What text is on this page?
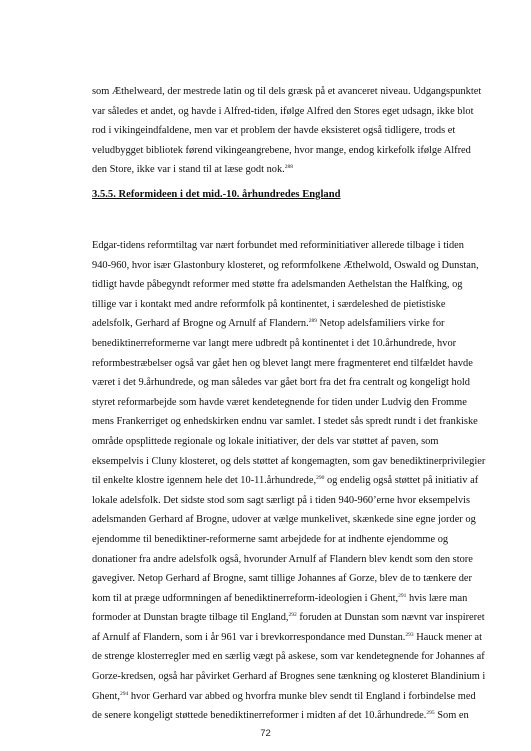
som Æthelweard, der mestrede latin og til dels græsk på et avanceret niveau. Udgangspunktet
var således et andet, og havde i Alfred-tiden, ifølge Alfred den Stores eget udsagn, ikke blot
rod i vikingeindfaldene, men var et problem der havde eksisteret også tidligere, trods et
veludbygget bibliotek førend vikingeangrebene, hvor mange, endog kirkefolk ifølge Alfred
den Store, ikke var i stand til at læse godt nok.$^{288}$
3.5.5. Reformideen i det mid.-10. århundredes England
Edgar-tidens reformtiltag var nært forbundet med reforminitiativer allerede tilbage i tiden
940-960, hvor især Glastonbury klosteret, og reformfolkene Æthelwold, Oswald og Dunstan,
tidligt havde påbegyndt reformer med støtte fra adelsmanden Aethelstan the Halfking, og
tillige var i kontakt med andre reformfolk på kontinentet, i særdeleshed de pietistiske
adelsfolk, Gerhard af Brogne og Arnulf af Flandern.$^{289}$ Netop adelsfamiliers virke for
benediktinerreformerne var langt mere udbredt på kontinentet i det 10.århundrede, hvor
reformbestræbelser også var gået hen og blevet langt mere fragmenteret end tilfældet havde
været i det 9.århundrede, og man således var gået bort fra det fra centralt og kongeligt hold
styret reformarbejde som havde været kendetegnende for tiden under Ludvig den Fromme
mens Frankerriget og enhedskirken endnu var samlet. I stedet sås spredt rundt i det frankiske
område opsplittede regionale og lokale initiativer, der dels var støttet af paven, som
eksempelvis i Cluny klosteret, og dels støttet af kongemagten, som gav benediktinerprivilegier
til enkelte klostre igennem hele det 10-11.århundrede,$^{290}$ og endelig også støttet på initiativ af
lokale adelsfolk. Det sidste stod som sagt særligt på i tiden 940-960’erne hvor eksempelvis
adelsmanden Gerhard af Brogne, udover at vælge munkelivet, skænkede sine egne jorder og
ejendomme til benediktiner-reformerne samt arbejdede for at indhente ejendomme og
donationer fra andre adelsfolk også, hvorunder Arnulf af Flandern blev kendt som den store
gavegiver. Netop Gerhard af Brogne, samt tillige Johannes af Gorze, blev de to tænkere der
kom til at præge udformningen af benediktinerreform-ideologien i Ghent,$^{291}$ hvis lære man
formoder at Dunstan bragte tilbage til England,$^{292}$ foruden at Dunstan som nævnt var inspireret
af Arnulf af Flandern, som i år 961 var i brevkorrespondance med Dunstan.$^{293}$ Hauck mener at
de strenge klosterregler med en særlig vægt på askese, som var kendetegnende for Johannes af
Gorze-kredsen, også har påvirket Gerhard af Brognes sene tænkning og klosteret Blandinium i
Ghent,$^{294}$ hvor Gerhard var abbed og hvorfra munke blev sendt til England i forbindelse med
de senere kongeligt støttede benediktinerreformer i midten af det 10.århundrede.$^{295}$ Som en
72
